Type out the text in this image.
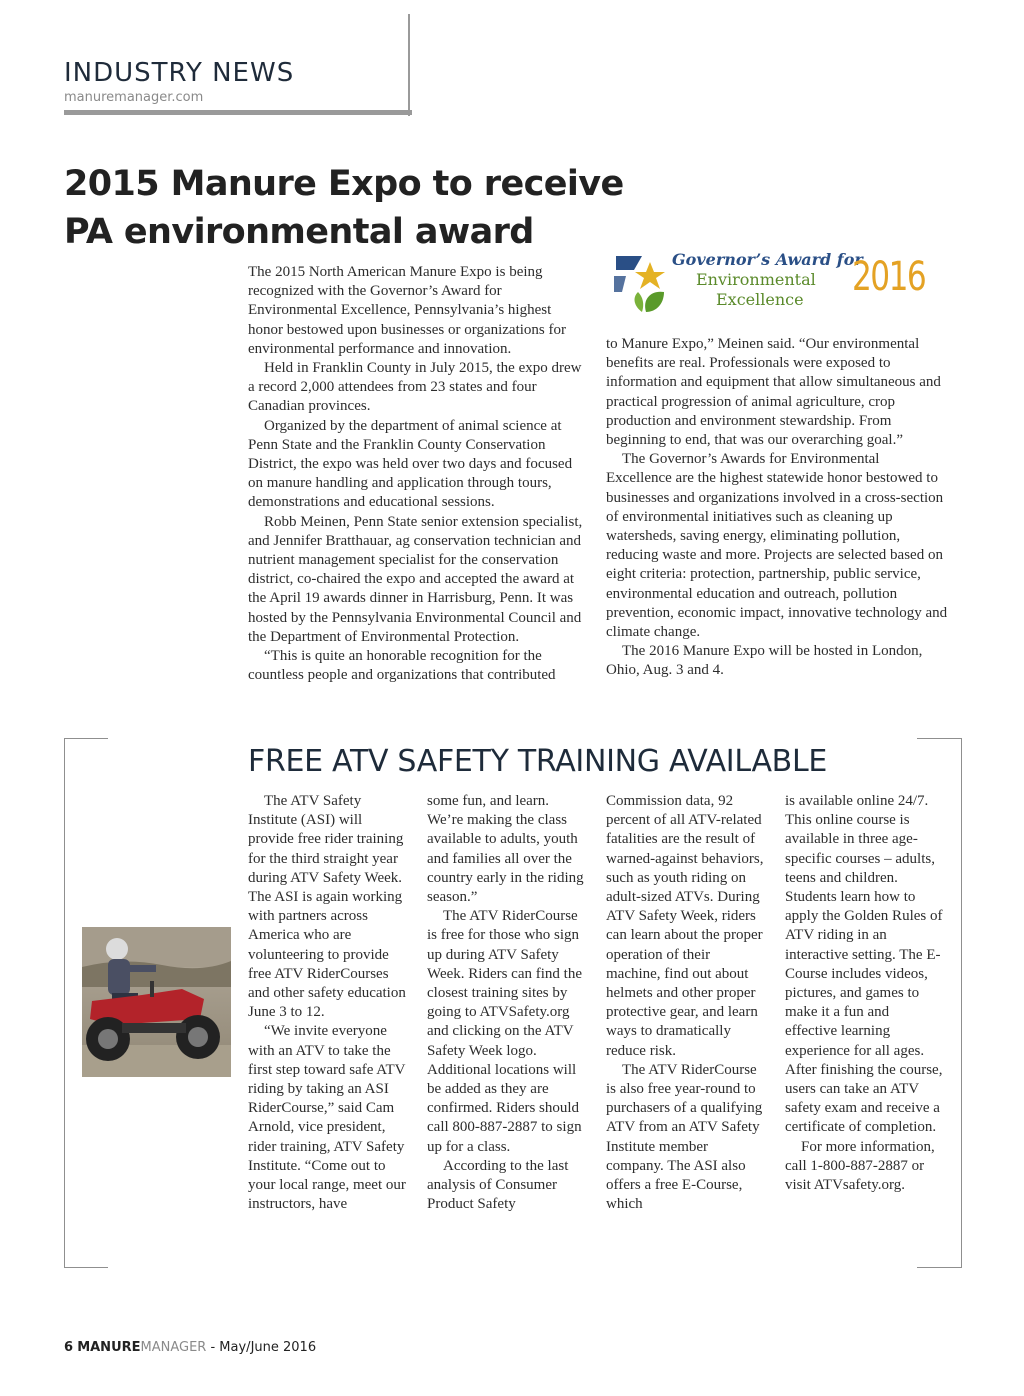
INDUSTRY NEWS
manuremanager.com
2015 Manure Expo to receive
PA environmental award

The 2015 North American Manure Expo is being recognized with the Governor’s Award for Environmental Excellence, Pennsylvania’s highest honor bestowed upon businesses or organizations for environmental performance and innovation.

Held in Franklin County in July 2015, the expo drew a record 2,000 attendees from 23 states and four Canadian provinces.

Organized by the department of animal science at Penn State and the Franklin County Conservation District, the expo was held over two days and focused on manure handling and application through tours, demonstrations and educational sessions.

Robb Meinen, Penn State senior extension specialist, and Jennifer Bratthauar, ag conservation technician and nutrient management specialist for the conservation district, co-chaired the expo and accepted the award at the April 19 awards dinner in Harrisburg, Penn. It was hosted by the Pennsylvania Environmental Council and the Department of Environmental Protection.

“This is quite an honorable recognition for the countless people and organizations that contributed

Governor’s Award for
Environmental
Excellence 2016

to Manure Expo,” Meinen said. “Our environmental benefits are real. Professionals were exposed to information and equipment that allow simultaneous and practical progression of animal agriculture, crop production and environment stewardship. From beginning to end, that was our overarching goal.”

The Governor’s Awards for Environmental Excellence are the highest statewide honor bestowed to businesses and organizations involved in a cross-section of environmental initiatives such as cleaning up watersheds, saving energy, eliminating pollution, reducing waste and more. Projects are selected based on eight criteria: protection, partnership, public service, environmental education and outreach, pollution prevention, economic impact, innovative technology and climate change.

The 2016 Manure Expo will be hosted in London, Ohio, Aug. 3 and 4.

FREE ATV SAFETY TRAINING AVAILABLE

The ATV Safety Institute (ASI) will provide free rider training for the third straight year during ATV Safety Week. The ASI is again working with partners across America who are volunteering to provide free ATV RiderCourses and other safety education June 3 to 12.

“We invite everyone with an ATV to take the first step toward safe ATV riding by taking an ASI RiderCourse,” said Cam Arnold, vice president, rider training, ATV Safety Institute. “Come out to your local range, meet our instructors, have

some fun, and learn. We’re making the class available to adults, youth and families all over the country early in the riding season.”

The ATV RiderCourse is free for those who sign up during ATV Safety Week. Riders can find the closest training sites by going to ATVSafety.org and clicking on the ATV Safety Week logo. Additional locations will be added as they are confirmed. Riders should call 800-887-2887 to sign up for a class.

According to the last analysis of Consumer Product Safety

Commission data, 92 percent of all ATV-related fatalities are the result of warned-against behaviors, such as youth riding on adult-sized ATVs. During ATV Safety Week, riders can learn about the proper operation of their machine, find out about helmets and other proper protective gear, and learn ways to dramatically reduce risk.

The ATV RiderCourse is also free year-round to purchasers of a qualifying ATV from an ATV Safety Institute member company. The ASI also offers a free E-Course, which

is available online 24/7. This online course is available in three age-specific courses – adults, teens and children. Students learn how to apply the Golden Rules of ATV riding in an interactive setting. The E-Course includes videos, pictures, and games to make it a fun and effective learning experience for all ages. After finishing the course, users can take an ATV safety exam and receive a certificate of completion.

For more information, call 1-800-887-2887 or visit ATVsafety.org.

6 MANUREMANAGER - May/June 2016
